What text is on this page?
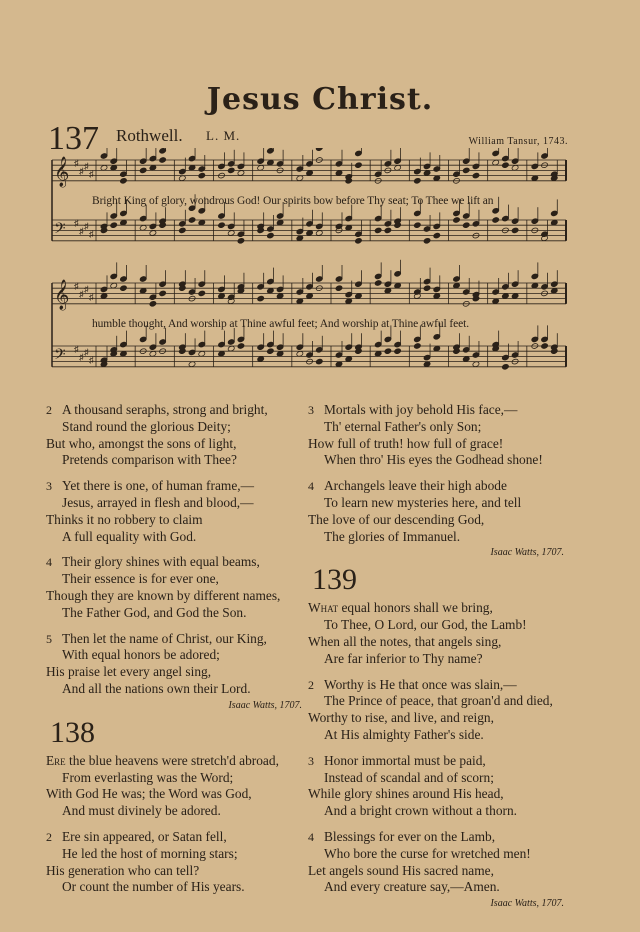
Jesus Christ.
137 Rothwell. L. M.	William Tansur, 1743.
𝄞 ♯
♯ ♯
♯
𝄢 ♯
♯ ♯
♯
𝄞 ♯
♯ ♯
♯
𝄢 ♯
♯ ♯
♯
Bright King of glory, wondrous God! Our spirits bow before Thy seat; To Thee we lift an
humble thought, And worship at Thine awful feet; And worship at Thine awful feet.
2 A thousand seraphs, strong and bright,
Stand round the glorious Deity;
But who, amongst the sons of light,
Pretends comparison with Thee?
3 Yet there is one, of human frame,—
Jesus, arrayed in flesh and blood,—
Thinks it no robbery to claim
A full equality with God.
4 Their glory shines with equal beams,
Their essence is for ever one,
Though they are known by different names,
The Father God, and God the Son.
5 Then let the name of Christ, our King,
With equal honors be adored;
His praise let every angel sing,
And all the nations own their Lord.
Isaac Watts, 1707.
138
Ere the blue heavens were stretch'd abroad,
From everlasting was the Word;
With God He was; the Word was God,
And must divinely be adored.
2 Ere sin appeared, or Satan fell,
He led the host of morning stars;
His generation who can tell?
Or count the number of His years.
3 Mortals with joy behold His face,—
Th' eternal Father's only Son;
How full of truth! how full of grace!
When thro' His eyes the Godhead shone!
4 Archangels leave their high abode
To learn new mysteries here, and tell
The love of our descending God,
The glories of Immanuel.
Isaac Watts, 1707.
139
What equal honors shall we bring,
To Thee, O Lord, our God, the Lamb!
When all the notes, that angels sing,
Are far inferior to Thy name?
2 Worthy is He that once was slain,—
The Prince of peace, that groan'd and died,
Worthy to rise, and live, and reign,
At His almighty Father's side.
3 Honor immortal must be paid,
Instead of scandal and of scorn;
While glory shines around His head,
And a bright crown without a thorn.
4 Blessings for ever on the Lamb,
Who bore the curse for wretched men!
Let angels sound His sacred name,
And every creature say,—Amen.
Isaac Watts, 1707.
